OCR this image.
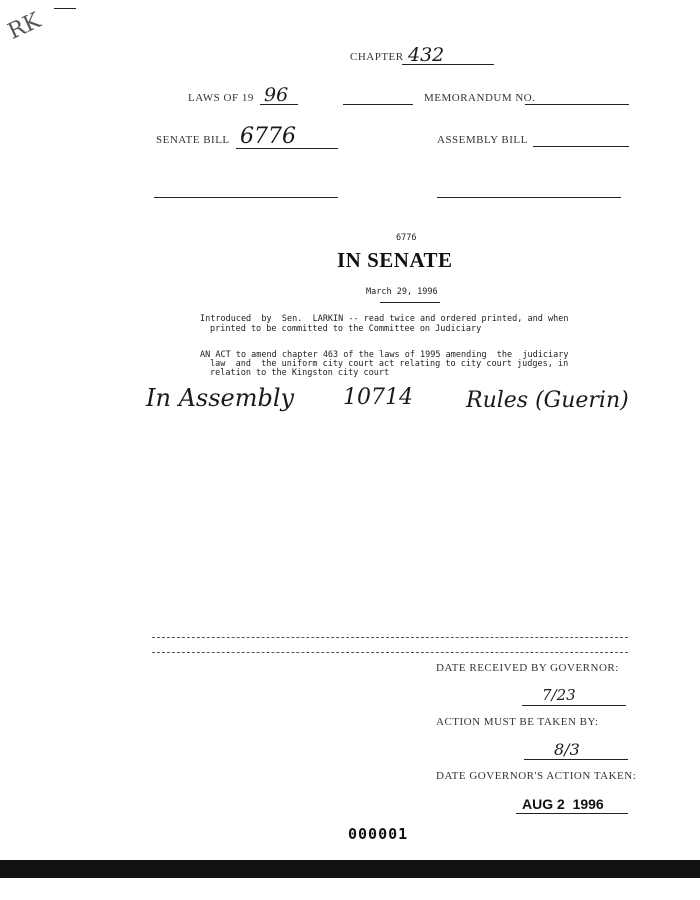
RK
CHAPTER 432
LAWS OF 19 96	MEMORANDUM NO.
SENATE BILL 6776	ASSEMBLY BILL
6776
IN SENATE
March 29, 1996
Introduced  by  Sen.  LARKIN -- read twice and ordered printed, and when
printed to be committed to the Committee on Judiciary
AN ACT to amend chapter 463 of the laws of 1995 amending  the  judiciary
law  and  the uniform city court act relating to city court judges, in
relation to the Kingston city court
In Assembly 10714 Rules (Guerin)
DATE RECEIVED BY GOVERNOR:
7/23
ACTION MUST BE TAKEN BY:
8/3
DATE GOVERNOR'S ACTION TAKEN:
AUG 2  1996
000001
